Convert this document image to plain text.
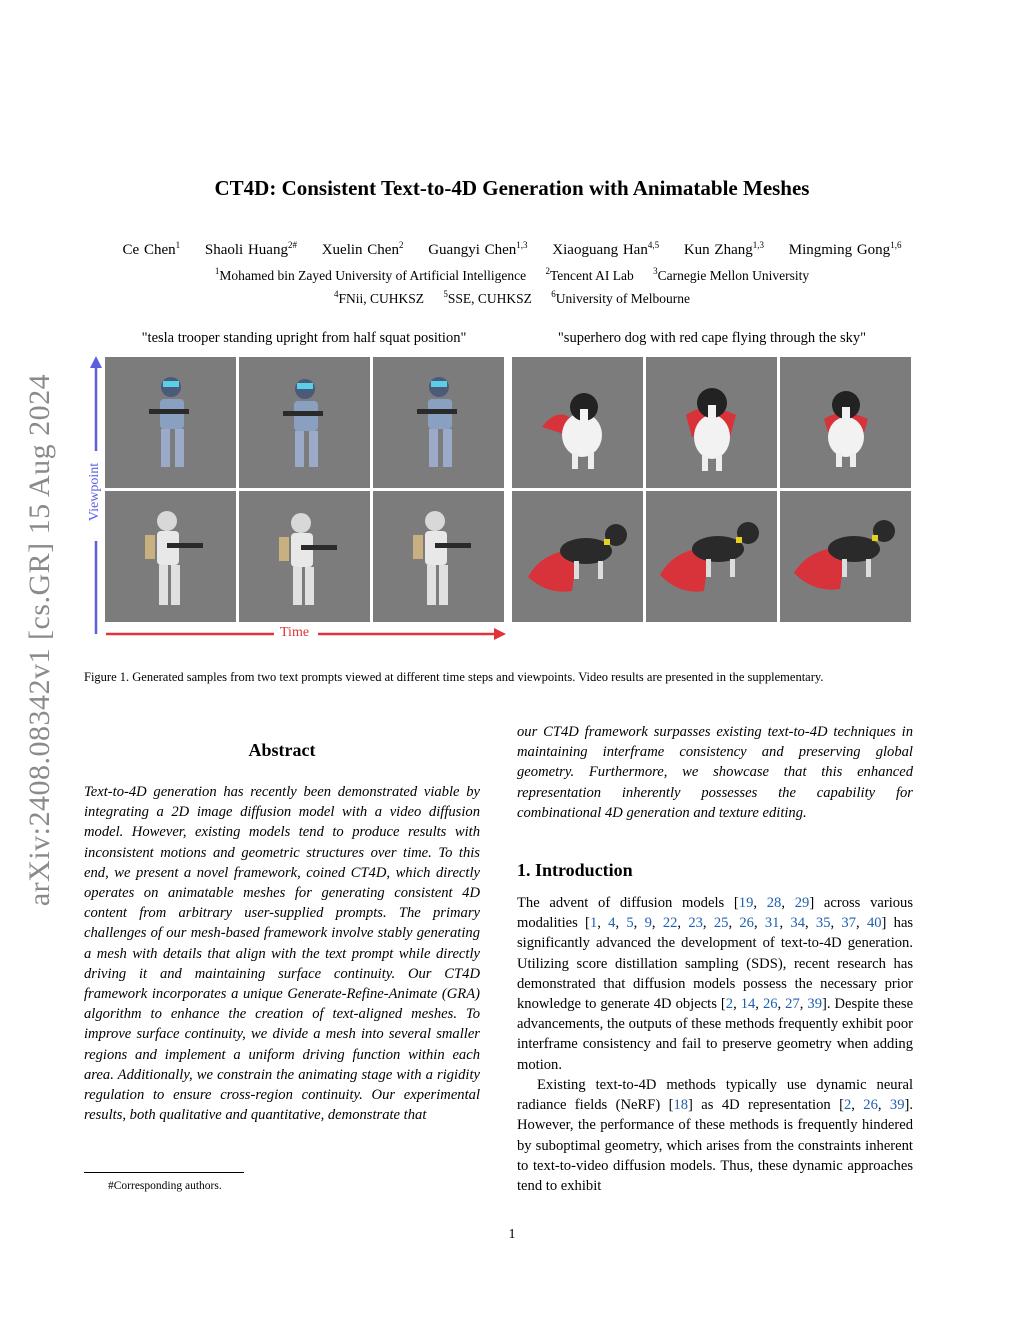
arXiv:2408.08342v1 [cs.GR] 15 Aug 2024
CT4D: Consistent Text-to-4D Generation with Animatable Meshes
Ce Chen$^1$ Shaoli Huang$^{2\#}$ Xuelin Chen$^2$ Guangyi Chen$^{1,3}$ Xiaoguang Han$^{4,5}$ Kun Zhang$^{1,3}$ Mingming Gong$^{1,6}$
$^1$Mohamed bin Zayed University of Artificial Intelligence $^2$Tencent AI Lab $^3$Carnegie Mellon University
$^4$FNii, CUHKSZ $^5$SSE, CUHKSZ $^6$University of Melbourne
"tesla trooper standing upright from half squat position"	"superhero dog with red cape flying through the sky"
Viewpoint
Time
Figure 1. Generated samples from two text prompts viewed at different time steps and viewpoints. Video results are presented in the supplementary.
Abstract
Text-to-4D generation has recently been demonstrated viable by integrating a 2D image diffusion model with a video diffusion model. However, existing models tend to produce results with inconsistent motions and geometric structures over time. To this end, we present a novel framework, coined CT4D, which directly operates on animatable meshes for generating consistent 4D content from arbitrary user-supplied prompts. The primary challenges of our mesh-based framework involve stably generating a mesh with details that align with the text prompt while directly driving it and maintaining surface continuity. Our CT4D framework incorporates a unique Generate-Refine-Animate (GRA) algorithm to enhance the creation of text-aligned meshes. To improve surface continuity, we divide a mesh into several smaller regions and implement a uniform driving function within each area. Additionally, we constrain the animating stage with a rigidity regulation to ensure cross-region continuity. Our experimental results, both qualitative and quantitative, demonstrate that
#Corresponding authors.
our CT4D framework surpasses existing text-to-4D techniques in maintaining interframe consistency and preserving global geometry. Furthermore, we showcase that this enhanced representation inherently possesses the capability for combinational 4D generation and texture editing.
1. Introduction
The advent of diffusion models [19, 28, 29] across various modalities [1, 4, 5, 9, 22, 23, 25, 26, 31, 34, 35, 37, 40] has significantly advanced the development of text-to-4D generation. Utilizing score distillation sampling (SDS), recent research has demonstrated that diffusion models possess the necessary prior knowledge to generate 4D objects [2, 14, 26, 27, 39]. Despite these advancements, the outputs of these methods frequently exhibit poor interframe consistency and fail to preserve geometry when adding motion.
Existing text-to-4D methods typically use dynamic neural radiance fields (NeRF) [18] as 4D representation [2, 26, 39]. However, the performance of these methods is frequently hindered by suboptimal geometry, which arises from the constraints inherent to text-to-video diffusion models. Thus, these dynamic approaches tend to exhibit
1
